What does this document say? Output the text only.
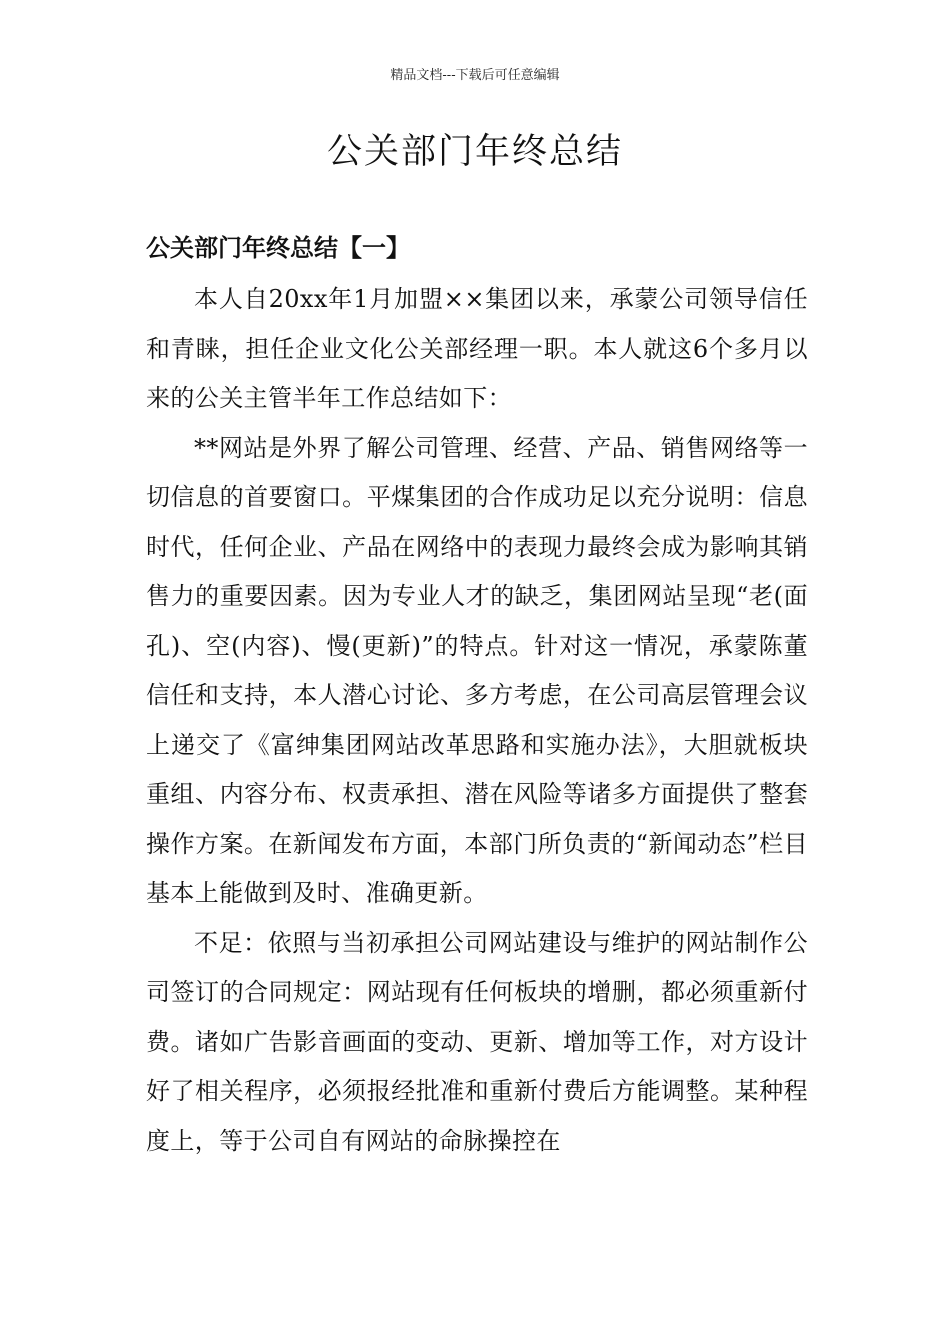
精品文档---下载后可任意编辑
公关部门年终总结
公关部门年终总结【一】

本人自20xx年1月加盟××集团以来，承蒙公司领导信任和青睐，担任企业文化公关部经理一职。本人就这6个多月以来的公关主管半年工作总结如下：

**网站是外界了解公司管理、经营、产品、销售网络等一切信息的首要窗口。平煤集团的合作成功足以充分说明：信息时代，任何企业、产品在网络中的表现力最终会成为影响其销售力的重要因素。因为专业人才的缺乏，集团网站呈现“老(面孔)、空(内容)、慢(更新)”的特点。针对这一情况，承蒙陈董信任和支持，本人潜心讨论、多方考虑，在公司高层管理会议上递交了《富绅集团网站改革思路和实施办法》，大胆就板块重组、内容分布、权责承担、潜在风险等诸多方面提供了整套操作方案。在新闻发布方面，本部门所负责的“新闻动态”栏目基本上能做到及时、准确更新。

不足：依照与当初承担公司网站建设与维护的网站制作公司签订的合同规定：网站现有任何板块的增删，都必须重新付费。诸如广告影音画面的变动、更新、增加等工作，对方设计好了相关程序，必须报经批准和重新付费后方能调整。某种程度上，等于公司自有网站的命脉操控在
